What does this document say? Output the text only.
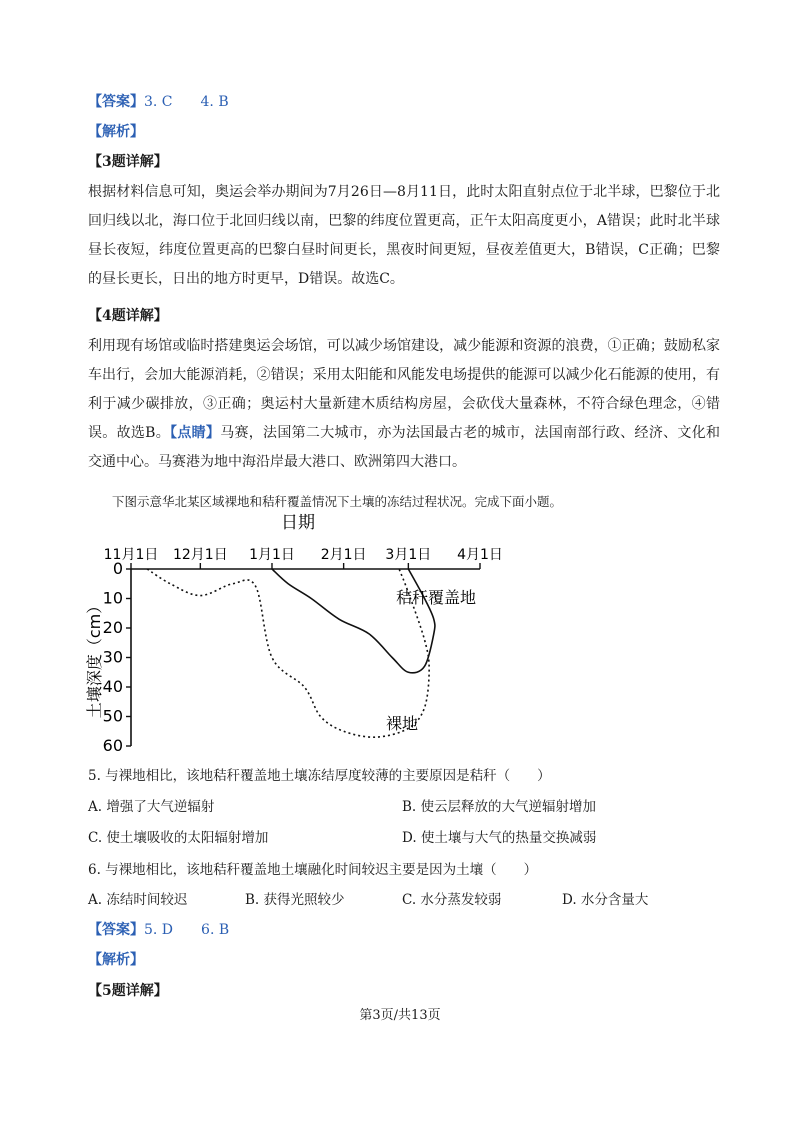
【答案】3. C　　4. B
【解析】
【3题详解】
根据材料信息可知，奥运会举办期间为7月26日—8月11日，此时太阳直射点位于北半球，巴黎位于北回归线以北，海口位于北回归线以南，巴黎的纬度位置更高，正午太阳高度更小，A错误；此时北半球昼长夜短，纬度位置更高的巴黎白昼时间更长，黑夜时间更短，昼夜差值更大，B错误，C正确；巴黎的昼长更长，日出的地方时更早，D错误。故选C。
【4题详解】
利用现有场馆或临时搭建奥运会场馆，可以减少场馆建设，减少能源和资源的浪费，①正确；鼓励私家车出行，会加大能源消耗，②错误；采用太阳能和风能发电场提供的能源可以减少化石能源的使用，有利于减少碳排放，③正确；奥运村大量新建木质结构房屋，会砍伐大量森林，不符合绿色理念，④错误。故选B。【点睛】马赛，法国第二大城市，亦为法国最古老的城市，法国南部行政、经济、文化和交通中心。马赛港为地中海沿岸最大港口、欧洲第四大港口。
下图示意华北某区域裸地和秸秆覆盖情况下土壤的冻结过程状况。完成下面小题。
日期
11月1日 12月1日 1月1日 2月1日 3月1日 4月1日
0
10
20
30
40
50
60
土壤深度（cm）
秸秆覆盖地
裸地
5. 与裸地相比，该地秸秆覆盖地土壤冻结厚度较薄的主要原因是秸秆（　　）
A. 增强了大气逆辐射	B. 使云层释放的大气逆辐射增加
C. 使土壤吸收的太阳辐射增加	D. 使土壤与大气的热量交换减弱
6. 与裸地相比，该地秸秆覆盖地土壤融化时间较迟主要是因为土壤（　　）
A. 冻结时间较迟	B. 获得光照较少	C. 水分蒸发较弱	D. 水分含量大
【答案】5. D　　6. B
【解析】
【5题详解】
第3页/共13页
